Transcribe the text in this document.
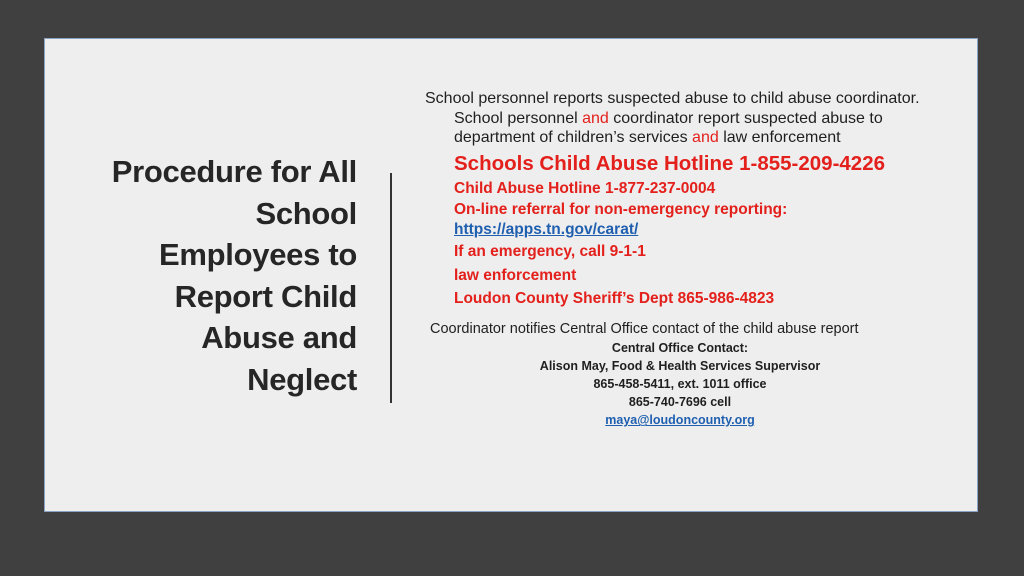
Procedure for All
School
Employees to
Report Child
Abuse and
Neglect

School personnel reports suspected abuse to child abuse coordinator. School personnel and coordinator report suspected abuse to department of children’s services and law enforcement

Schools Child Abuse Hotline 1-855-209-4226
Child Abuse Hotline 1-877-237-0004
On-line referral for non-emergency reporting:
https://apps.tn.gov/carat/
If an emergency, call 9-1-1
law enforcement
Loudon County Sheriff’s Dept 865-986-4823
Coordinator notifies Central Office contact of the child abuse report
Central Office Contact:
Alison May, Food & Health Services Supervisor
865-458-5411, ext. 1011 office
865-740-7696 cell
maya@loudoncounty.org
